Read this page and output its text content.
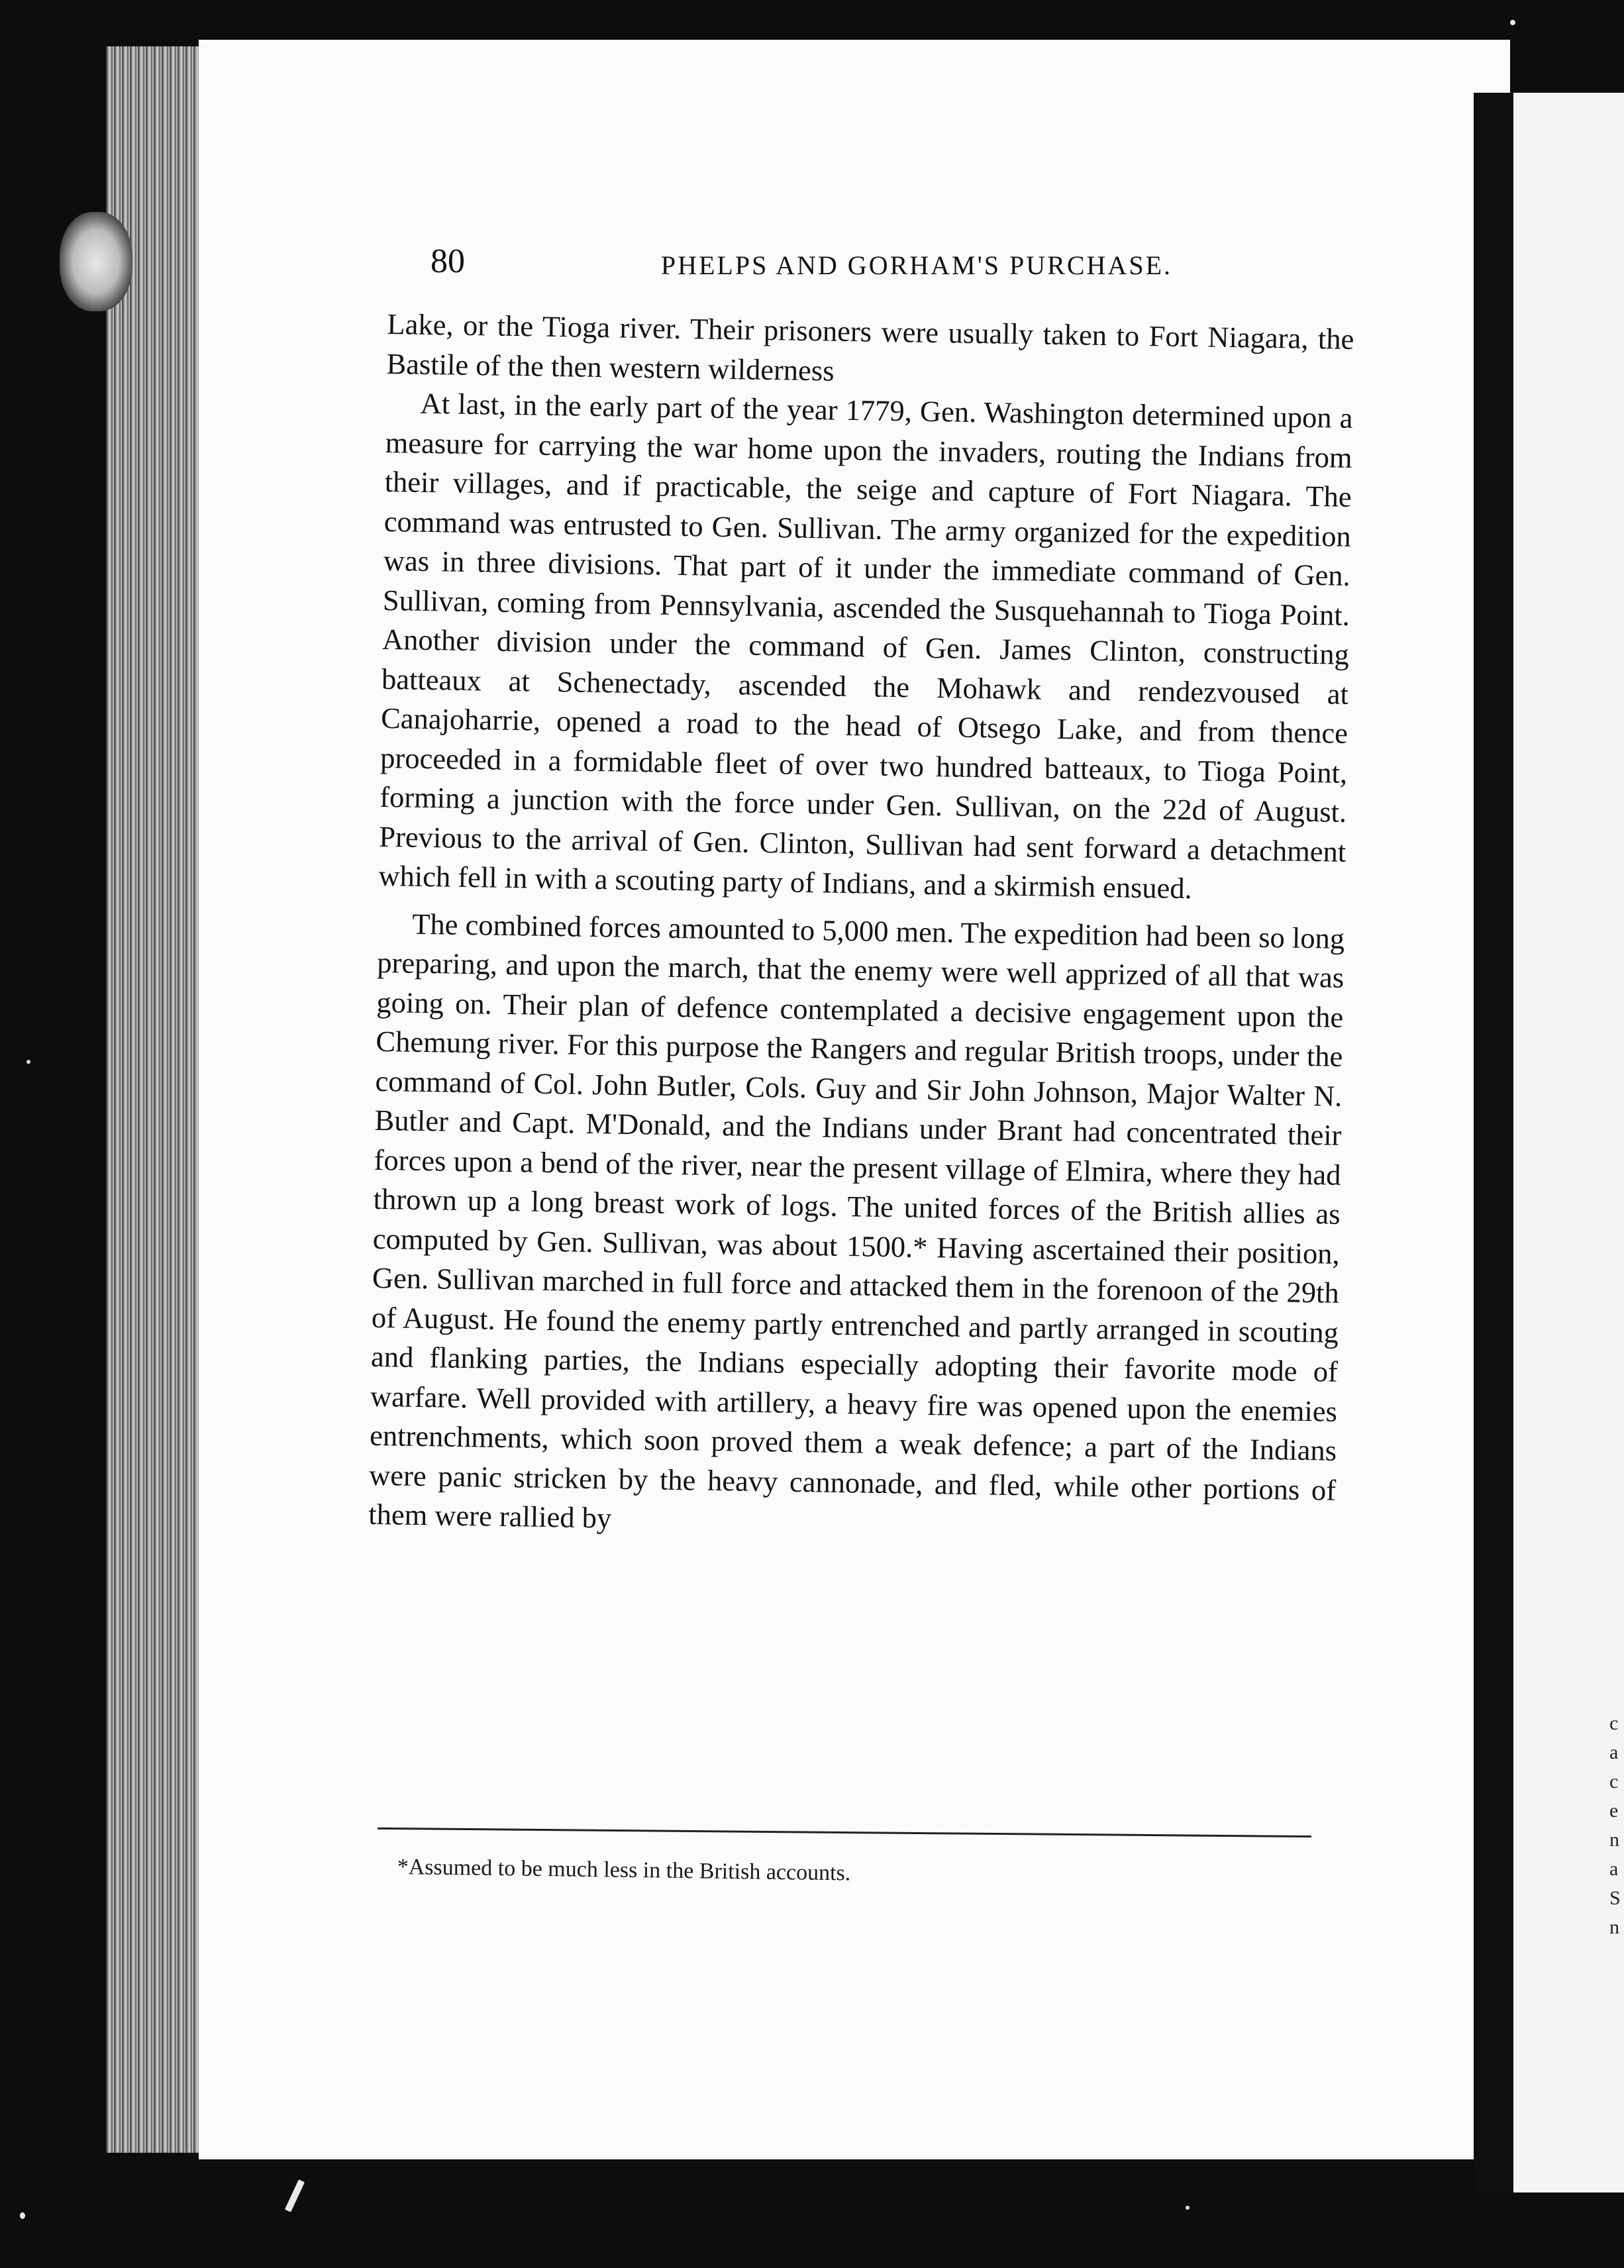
80	PHELPS AND GORHAM'S PURCHASE.

Lake, or the Tioga river. Their prisoners were usually taken to Fort Niagara, the Bastile of the then western wilderness

At last, in the early part of the year 1779, Gen. Washington determined upon a measure for carrying the war home upon the invaders, routing the Indians from their villages, and if practicable, the seige and capture of Fort Niagara. The command was entrusted to Gen. Sullivan. The army organized for the expedition was in three divisions. That part of it under the immediate command of Gen. Sullivan, coming from Pennsylvania, ascended the Susquehannah to Tioga Point. Another division under the command of Gen. James Clinton, constructing batteaux at Schenectady, ascended the Mohawk and rendezvoused at Canajoharrie, opened a road to the head of Otsego Lake, and from thence proceeded in a formidable fleet of over two hundred batteaux, to Tioga Point, forming a junction with the force under Gen. Sullivan, on the 22d of August. Previous to the arrival of Gen. Clinton, Sullivan had sent forward a detachment which fell in with a scouting party of Indians, and a skirmish ensued.

The combined forces amounted to 5,000 men. The expedition had been so long preparing, and upon the march, that the enemy were well apprized of all that was going on. Their plan of defence contemplated a decisive engagement upon the Chemung river. For this purpose the Rangers and regular British troops, under the command of Col. John Butler, Cols. Guy and Sir John Johnson, Major Walter N. Butler and Capt. M'Donald, and the Indians under Brant had concentrated their forces upon a bend of the river, near the present village of Elmira, where they had thrown up a long breast work of logs. The united forces of the British allies as computed by Gen. Sullivan, was about 1500.* Having ascertained their position, Gen. Sullivan marched in full force and attacked them in the forenoon of the 29th of August. He found the enemy partly entrenched and partly arranged in scouting and flanking parties, the Indians especially adopting their favorite mode of warfare. Well provided with artillery, a heavy fire was opened upon the enemies entrenchments, which soon proved them a weak defence; a part of the Indians were panic stricken by the heavy cannonade, and fled, while other portions of them were rallied by

*Assumed to be much less in the British accounts.
c
a
c
e
n
a
S
n
